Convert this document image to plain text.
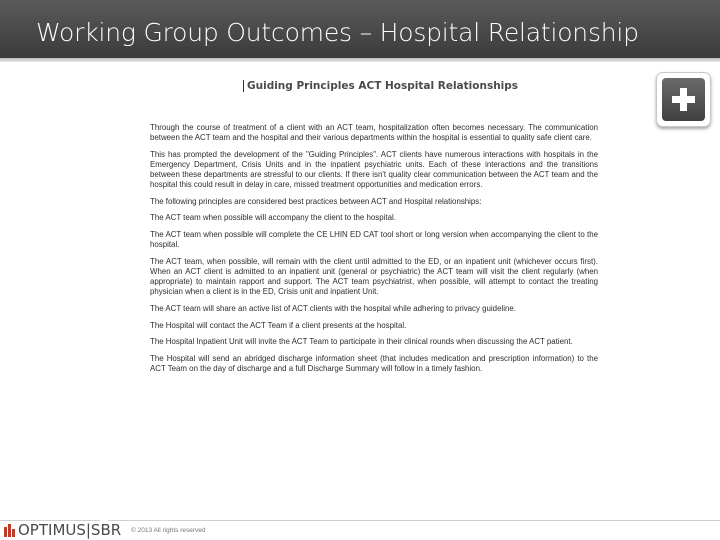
Working Group Outcomes – Hospital Relationship
Guiding Principles ACT Hospital Relationships

Through the course of treatment of a client with an ACT team, hospitalization often becomes necessary. The communication between the ACT team and the hospital and their various departments within the hospital is essential to quality safe client care.

This has prompted the development of the "Guiding Principles". ACT clients have numerous interactions with hospitals in the Emergency Department, Crisis Units and in the inpatient psychiatric units. Each of these interactions and the transitions between these departments are stressful to our clients. If there isn't quality clear communication between the ACT team and the hospital this could result in delay in care, missed treatment opportunities and medication errors.

The following principles are considered best practices between ACT and Hospital relationships:

The ACT team when possible will accompany the client to the hospital.

The ACT team when possible will complete the CE LHIN ED CAT tool short or long version when accompanying the client to the hospital.

The ACT team, when possible, will remain with the client until admitted to the ED, or an inpatient unit (whichever occurs first). When an ACT client is admitted to an inpatient unit (general or psychiatric) the ACT team will visit the client regularly (when appropriate) to maintain rapport and support. The ACT team psychiatrist, when possible, will attempt to contact the treating physician when a client is in the ED, Crisis unit and inpatient Unit.

The ACT team will share an active list of ACT clients with the hospital while adhering to privacy guideline.

The Hospital will contact the ACT Team if a client presents at the hospital.

The Hospital Inpatient Unit will invite the ACT Team to participate in their clinical rounds when discussing the ACT patient.

The Hospital will send an abridged discharge information sheet (that includes medication and prescription information) to the ACT Team on the day of discharge and a full Discharge Summary will follow in a timely fashion.

OPTIMUS|SBR © 2013 All rights reserved
